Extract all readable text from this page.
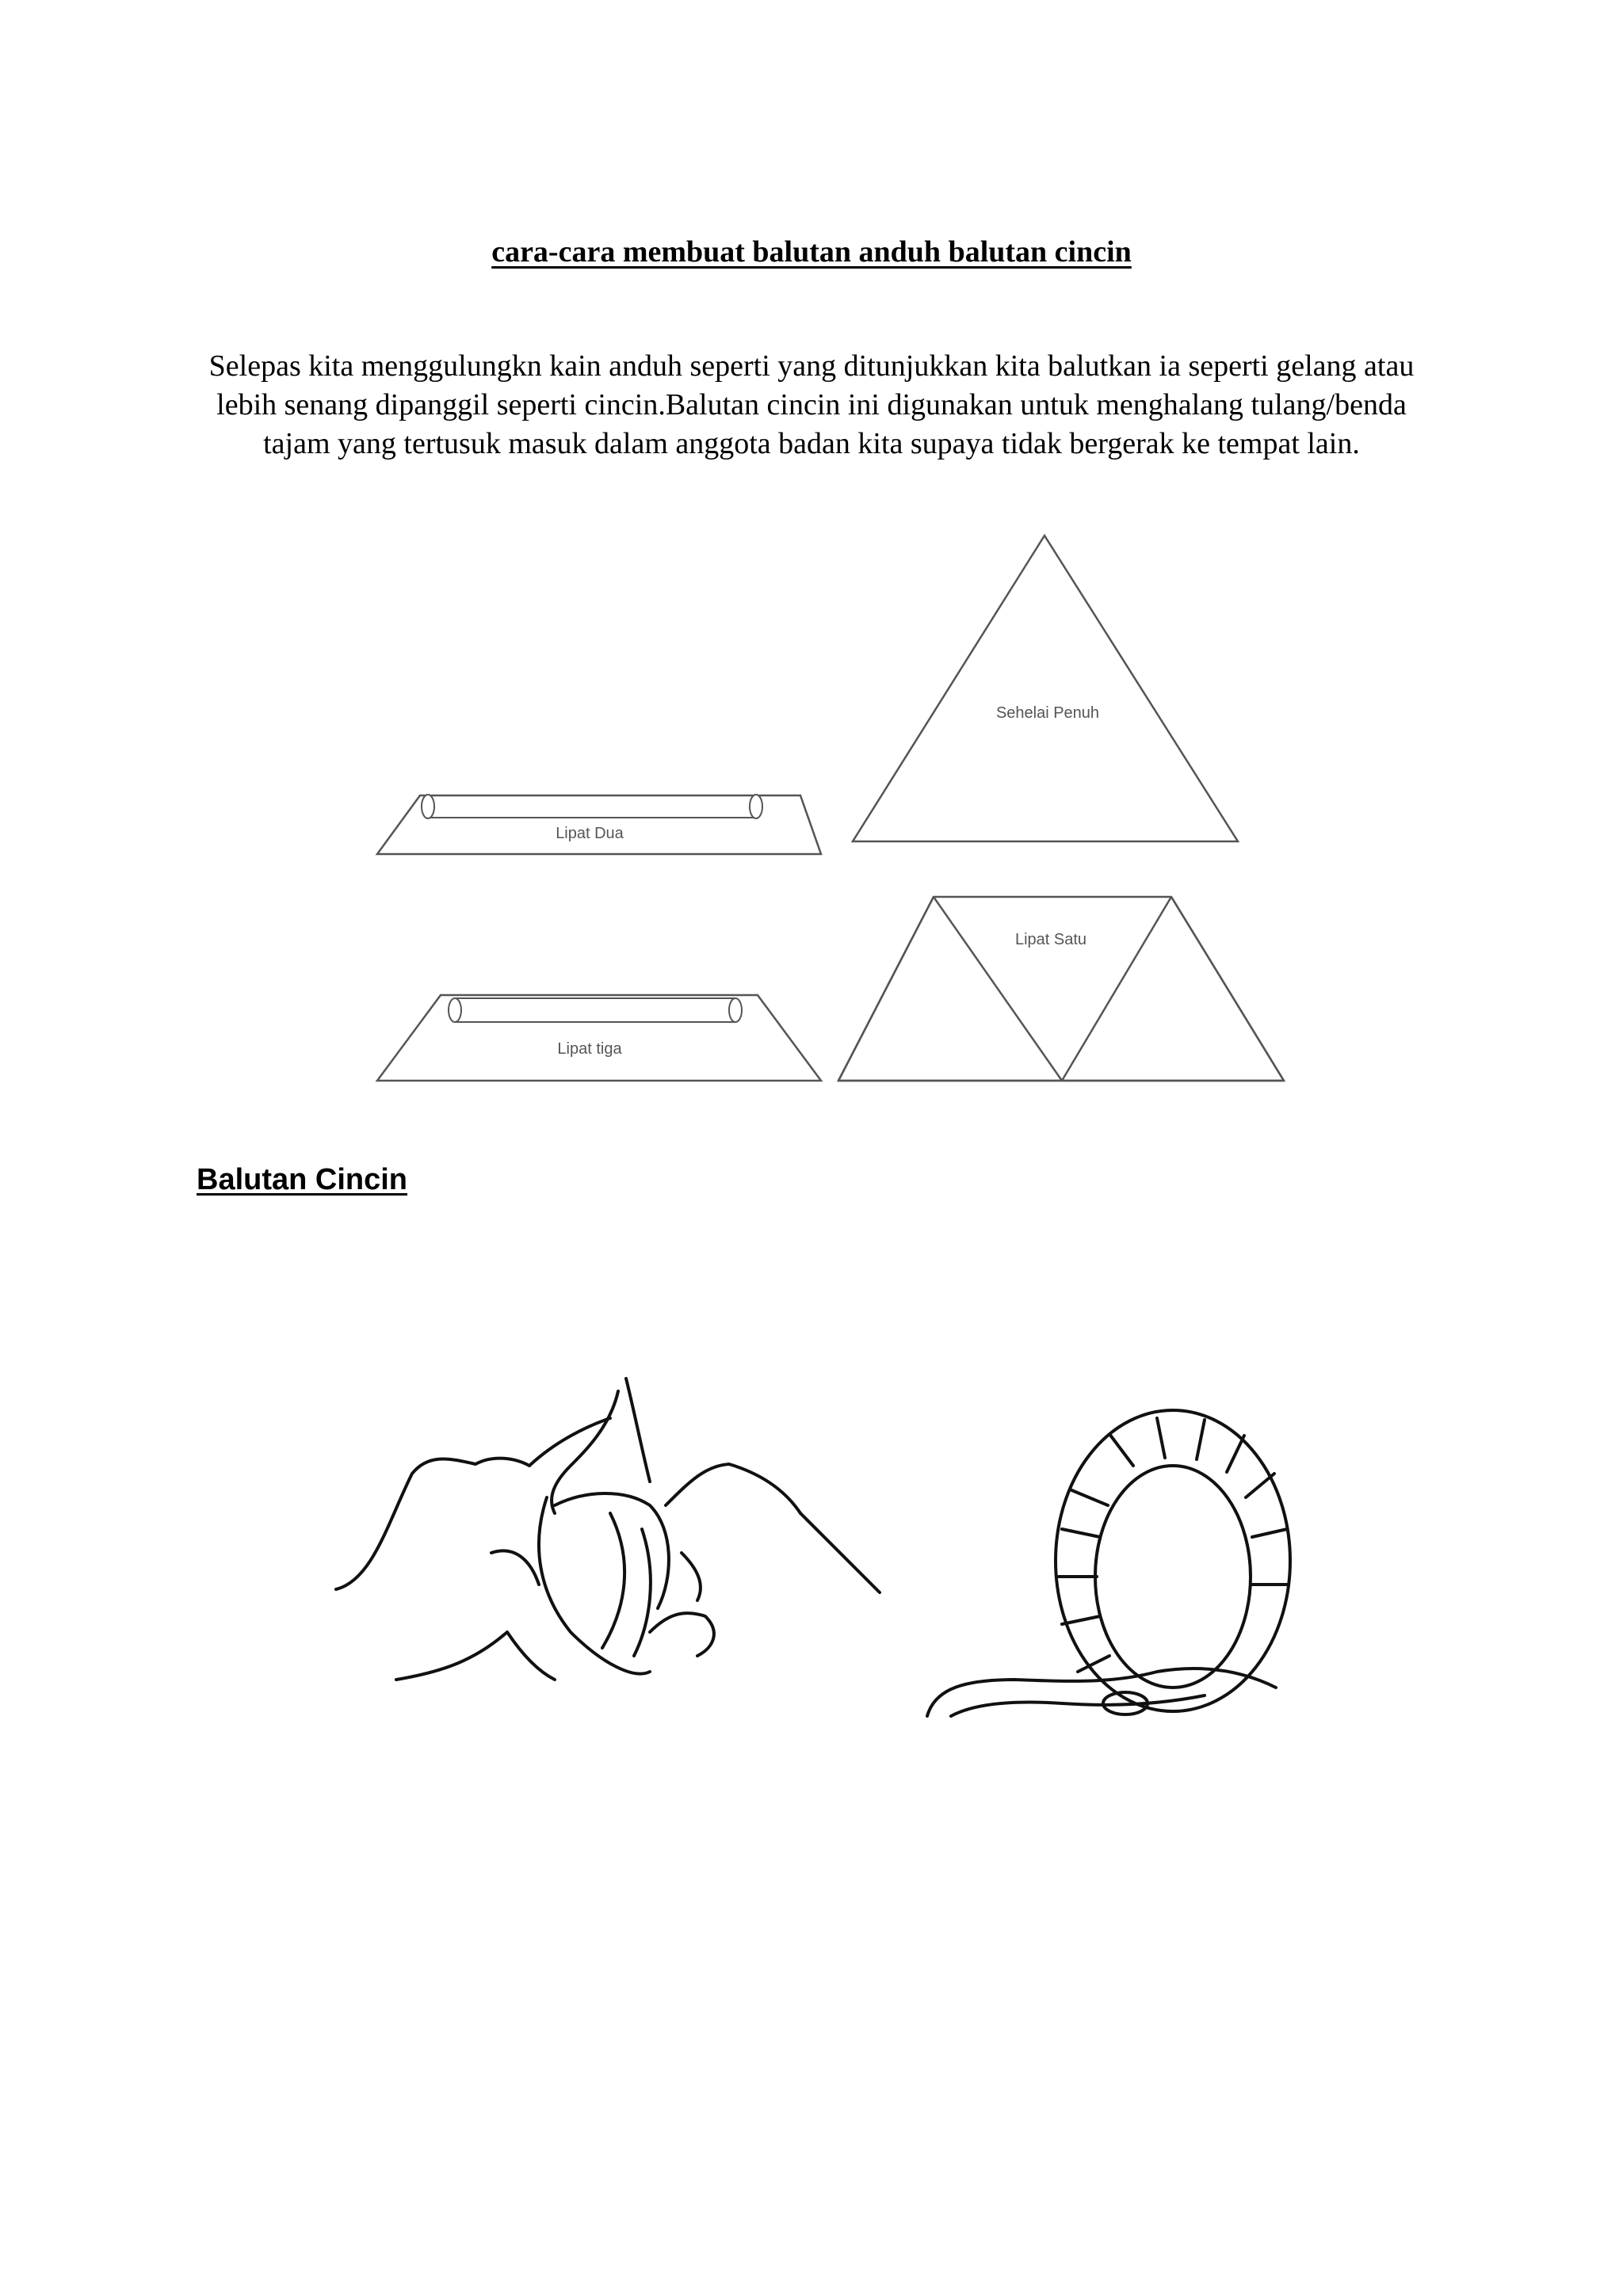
cara-cara membuat balutan anduh balutan cincin

Selepas kita menggulungkn kain anduh seperti yang ditunjukkan kita balutkan ia seperti gelang atau lebih senang dipanggil seperti cincin.Balutan cincin ini digunakan untuk menghalang tulang/benda tajam yang tertusuk masuk dalam anggota badan kita supaya tidak bergerak ke tempat lain.

Sehelai Penuh
Lipat Dua
Lipat Satu
Lipat tiga
Balutan Cincin
